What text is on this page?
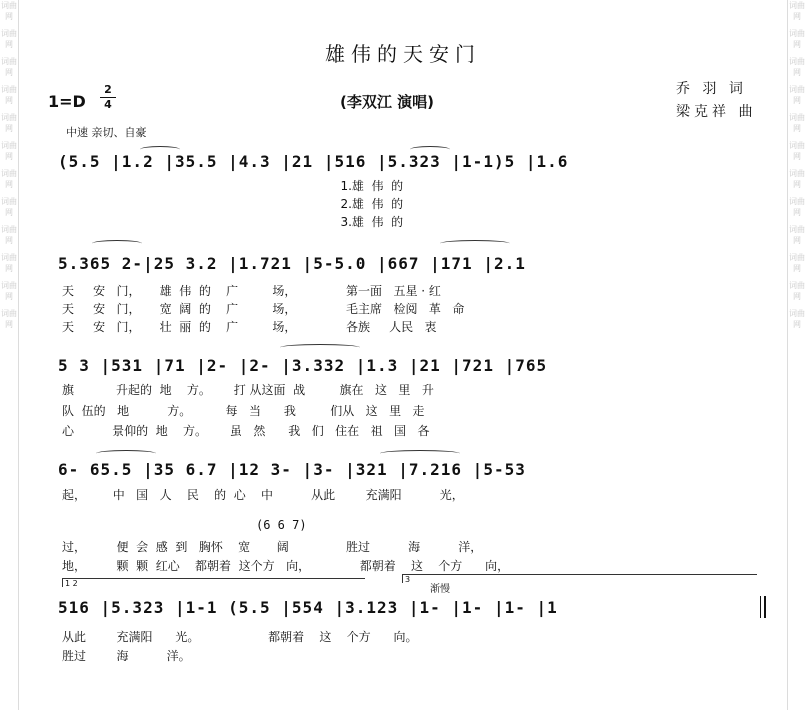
词曲网
词曲网
词曲网
词曲网
词曲网
词曲网
词曲网
词曲网
词曲网
词曲网
词曲网
词曲网
词曲网
词曲网
词曲网
词曲网
词曲网
词曲网
词曲网
词曲网
词曲网
词曲网
词曲网
词曲网
雄伟的天安门
1=D
2
4	(李双江 演唱)
乔 羽 词
梁克祥 曲
中速 亲切、自豪
(5.5 |1.2 |35.5 |4.3 |21 |516 |5.323 |1-1)5 |1.6
1.雄  伟  的
2.雄  伟  的
3.雄  伟  的
5.365 2-|25 3.2 |1.721 |5-5.0 |667 |171 |2.1
天     安   门，     雄  伟  的    广         场，             第一面   五星 · 红
天     安   门，     宽  阔  的    广         场，             毛主席   检阅   革   命
天     安   门，     壮  丽  的    广         场，             各族     人民   衷
5 3 |531 |71 |2- |2- |3.332 |1.3 |21 |721 |765
旗           升起的  地    方。      打 从这面  战         旗在   这   里   升
队  伍的   地          方。         每   当      我         们从   这   里   走
心          景仰的  地    方。      虽   然      我   们   住在   祖   国   各
6- 65.5 |35 6.7 |12 3- |3- |321 |7.216 |5-53
起，       中   国   人    民    的  心    中          从此        充满阳          光，
(6 6 7)
过，        便  会  感  到   胸怀    宽       阔               胜过          海          洋，
地，        颗  颗  红心    都朝着  这个方   向，             都朝着    这    个方      向，
1 2	3
渐慢
516 |5.323 |1-1 (5.5 |554 |3.123 |1- |1- |1- |1
从此        充满阳      光。                  都朝着    这    个方      向。
胜过        海          洋。
